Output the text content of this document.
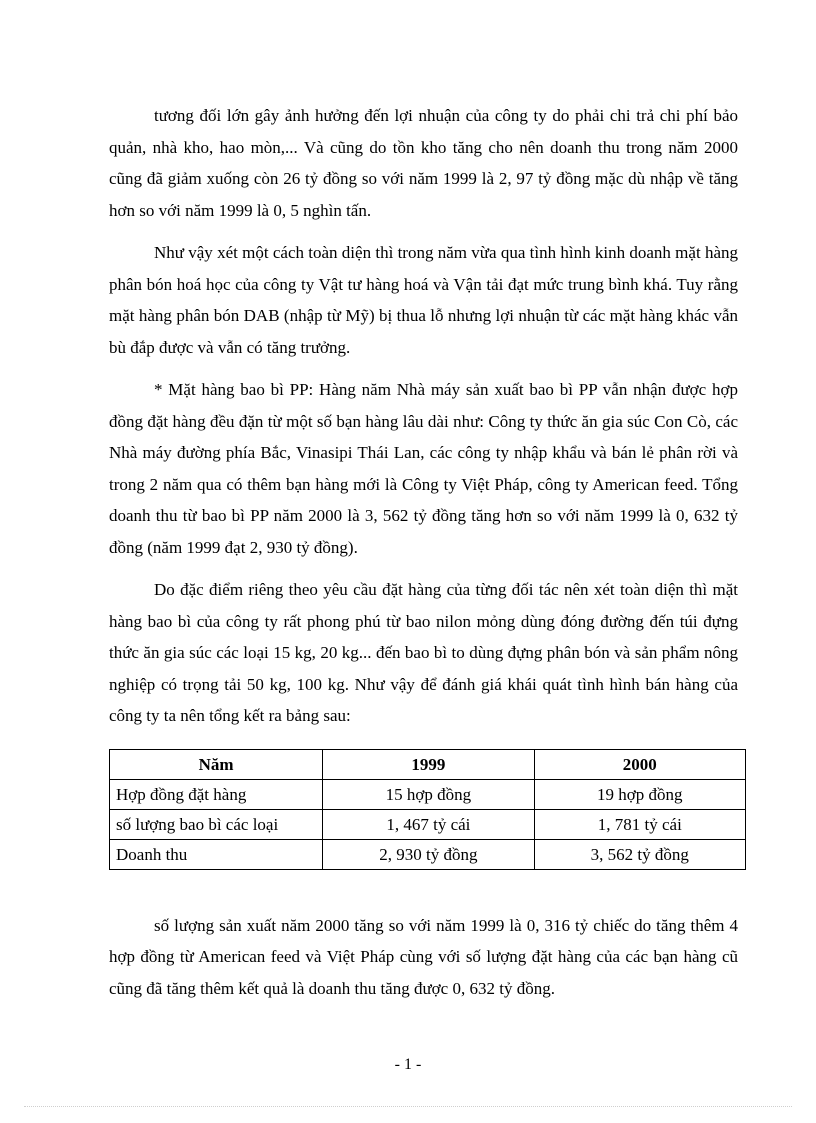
tương đối lớn gây ảnh hưởng đến lợi nhuận của công ty do phải chi trả chi phí bảo quản, nhà kho, hao mòn,... Và cũng do tồn kho tăng cho nên doanh thu trong năm 2000 cũng đã giảm xuống còn 26 tỷ đồng so với năm 1999 là 2, 97 tỷ đồng mặc dù nhập về tăng hơn so với năm 1999 là 0, 5 nghìn tấn.

Như vậy xét một cách toàn diện thì trong năm vừa qua tình hình kinh doanh mặt hàng phân bón hoá học của công ty Vật tư hàng hoá và Vận tải đạt mức trung bình khá. Tuy rằng mặt hàng phân bón DAB (nhập từ Mỹ) bị thua lỗ nhưng lợi nhuận từ các mặt hàng khác vẫn bù đắp được và vẫn có tăng trưởng.

* Mặt hàng bao bì PP: Hàng năm Nhà máy sản xuất bao bì PP vẫn nhận được hợp đồng đặt hàng đều đặn từ một số bạn hàng lâu dài như: Công ty thức ăn gia súc Con Cò, các Nhà máy đường phía Bắc, Vinasipi Thái Lan, các công ty nhập khẩu và bán lẻ phân rời và trong 2 năm qua có thêm bạn hàng mới là Công ty Việt Pháp, công ty American feed. Tổng doanh thu từ bao bì PP năm 2000 là 3, 562 tỷ đồng tăng hơn so với năm 1999 là 0, 632 tỷ đồng (năm 1999 đạt 2, 930 tỷ đồng).

Do đặc điểm riêng theo yêu cầu đặt hàng của từng đối tác nên xét toàn diện thì mặt hàng bao bì của công ty rất phong phú từ bao nilon mỏng dùng đóng đường đến túi đựng thức ăn gia súc các loại 15 kg, 20 kg... đến bao bì to dùng đựng phân bón và sản phẩm nông nghiệp có trọng tải 50 kg, 100 kg. Như vậy để đánh giá khái quát tình hình bán hàng của công ty ta nên tổng kết ra bảng sau:

Năm	1999	2000
Hợp đồng đặt hàng	15 hợp đồng	19 hợp đồng
số lượng bao bì các loại	1, 467 tỷ cái	1, 781 tỷ cái
Doanh thu	2, 930 tỷ đồng	3, 562 tỷ đồng

số lượng sản xuất năm 2000 tăng so với năm 1999 là 0, 316 tỷ chiếc do tăng thêm 4 hợp đồng từ American feed và Việt Pháp cùng với số lượng đặt hàng của các bạn hàng cũ cũng đã tăng thêm kết quả là doanh thu tăng được 0, 632 tỷ đồng.

- 1 -
